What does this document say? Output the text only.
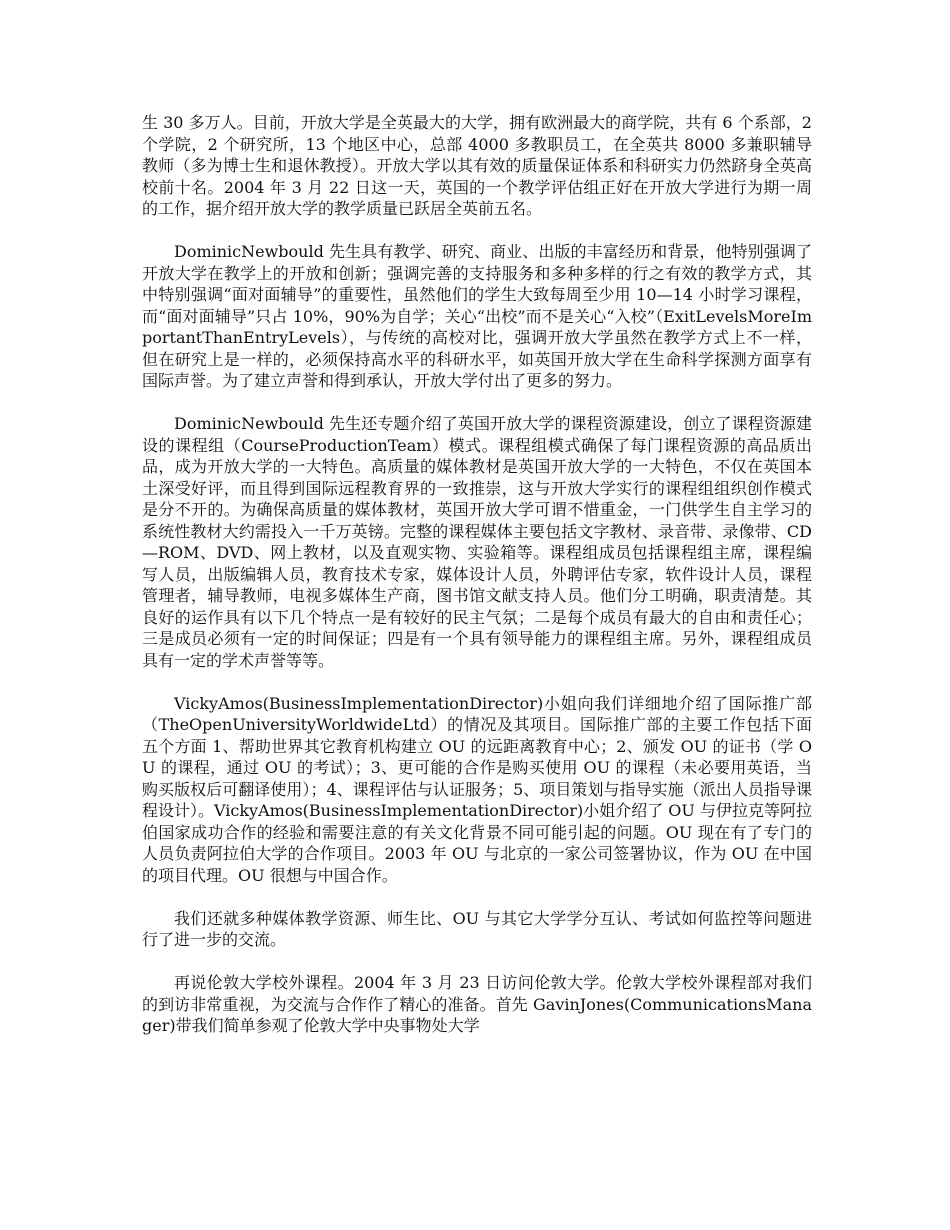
生 30 多万人。目前，开放大学是全英最大的大学，拥有欧洲最大的商学院，共有 6 个系部，2 个学院，2 个研究所，13 个地区中心，总部 4000 多教职员工，在全英共 8000 多兼职辅导教师（多为博士生和退休教授）。开放大学以其有效的质量保证体系和科研实力仍然跻身全英高校前十名。2004 年 3 月 22 日这一天，英国的一个教学评估组正好在开放大学进行为期一周的工作，据介绍开放大学的教学质量已跃居全英前五名。

DominicNewbould 先生具有教学、研究、商业、出版的丰富经历和背景，他特别强调了开放大学在教学上的开放和创新；强调完善的支持服务和多种多样的行之有效的教学方式，其中特别强调“面对面辅导”的重要性，虽然他们的学生大致每周至少用 10—14 小时学习课程，而“面对面辅导”只占 10%，90%为自学；关心“出校”而不是关心“入校”（ExitLevelsMoreImportantThanEntryLevels），与传统的高校对比，强调开放大学虽然在教学方式上不一样，但在研究上是一样的，必须保持高水平的科研水平，如英国开放大学在生命科学探测方面享有国际声誉。为了建立声誉和得到承认，开放大学付出了更多的努力。

DominicNewbould 先生还专题介绍了英国开放大学的课程资源建设，创立了课程资源建设的课程组（CourseProductionTeam）模式。课程组模式确保了每门课程资源的高品质出品，成为开放大学的一大特色。高质量的媒体教材是英国开放大学的一大特色，不仅在英国本土深受好评，而且得到国际远程教育界的一致推崇，这与开放大学实行的课程组组织创作模式是分不开的。为确保高质量的媒体教材，英国开放大学可谓不惜重金，一门供学生自主学习的系统性教材大约需投入一千万英镑。完整的课程媒体主要包括文字教材、录音带、录像带、CD—ROM、DVD、网上教材，以及直观实物、实验箱等。课程组成员包括课程组主席，课程编写人员，出版编辑人员，教育技术专家，媒体设计人员，外聘评估专家，软件设计人员，课程管理者，辅导教师，电视多媒体生产商，图书馆文献支持人员。他们分工明确，职责清楚。其良好的运作具有以下几个特点一是有较好的民主气氛；二是每个成员有最大的自由和责任心；三是成员必须有一定的时间保证；四是有一个具有领导能力的课程组主席。另外，课程组成员具有一定的学术声誉等等。

VickyAmos(BusinessImplementationDirector)小姐向我们详细地介绍了国际推广部（TheOpenUniversityWorldwideLtd）的情况及其项目。国际推广部的主要工作包括下面五个方面 1、帮助世界其它教育机构建立 OU 的远距离教育中心；2、颁发 OU 的证书（学 OU 的课程，通过 OU 的考试）；3、更可能的合作是购买使用 OU 的课程（未必要用英语，当购买版权后可翻译使用）；4、课程评估与认证服务；5、项目策划与指导实施（派出人员指导课程设计）。VickyAmos(BusinessImplementationDirector)小姐介绍了 OU 与伊拉克等阿拉伯国家成功合作的经验和需要注意的有关文化背景不同可能引起的问题。OU 现在有了专门的人员负责阿拉伯大学的合作项目。2003 年 OU 与北京的一家公司签署协议，作为 OU 在中国的项目代理。OU 很想与中国合作。

我们还就多种媒体教学资源、师生比、OU 与其它大学学分互认、考试如何监控等问题进行了进一步的交流。

再说伦敦大学校外课程。2004 年 3 月 23 日访问伦敦大学。伦敦大学校外课程部对我们的到访非常重视，为交流与合作作了精心的准备。首先 GavinJones(CommunicationsManager)带我们简单参观了伦敦大学中央事物处大学
